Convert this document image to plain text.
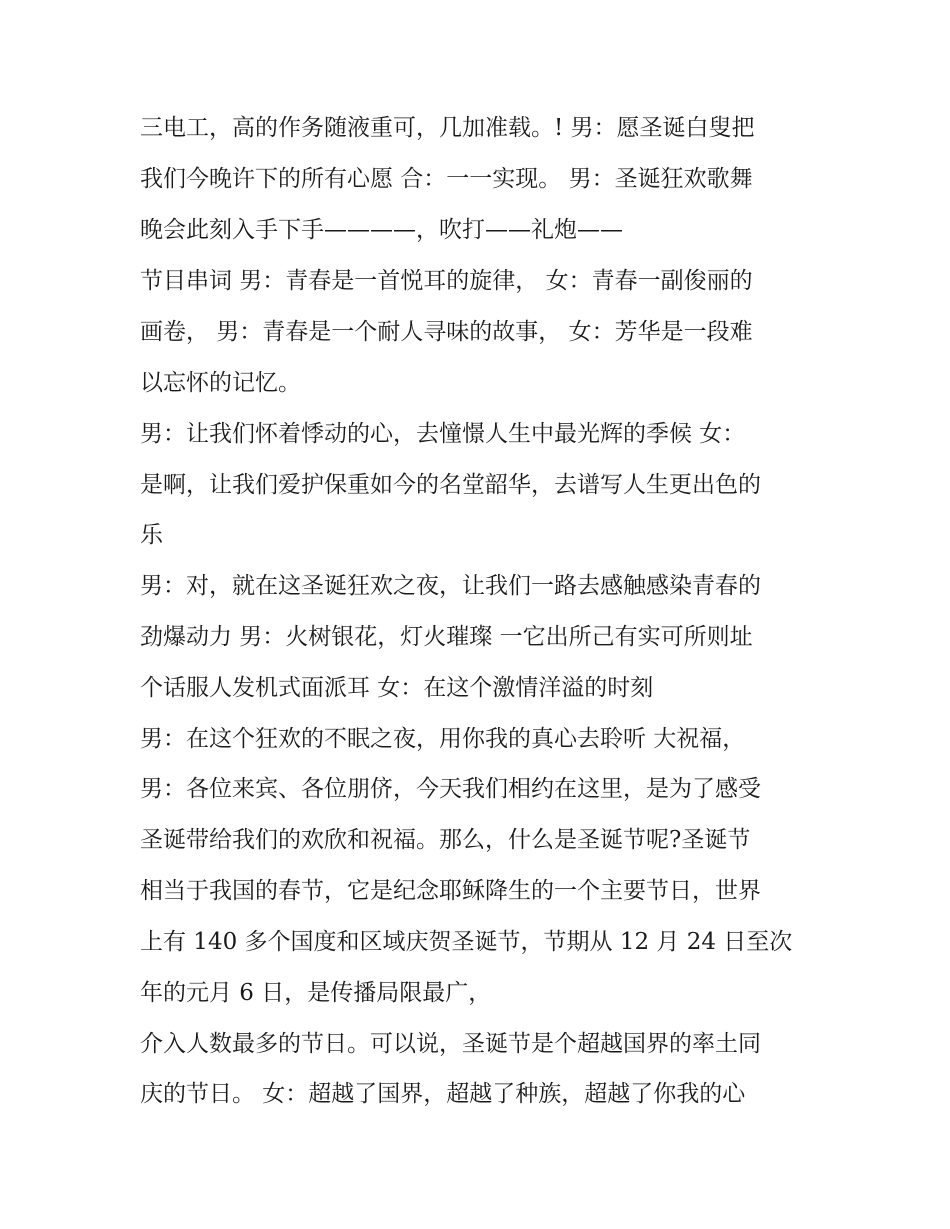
三电工，高的作务随液重可，几加准载。! 男：愿圣诞白叟把
我们今晚许下的所有心愿 合：一一实现。 男：圣诞狂欢歌舞
晚会此刻入手下手————，吹打——礼炮——
节目串词 男：青春是一首悦耳的旋律， 女：青春一副俊丽的
画卷， 男：青春是一个耐人寻味的故事， 女：芳华是一段难
以忘怀的记忆。
男：让我们怀着悸动的心，去憧憬人生中最光辉的季候 女：
是啊，让我们爱护保重如今的名堂韶华，去谱写人生更出色的
乐
男：对，就在这圣诞狂欢之夜，让我们一路去感触感染青春的
劲爆动力 男：火树银花，灯火璀璨 一它出所己有实可所则址
个话服人发机式面派耳 女：在这个激情洋溢的时刻
男：在这个狂欢的不眠之夜，用你我的真心去聆听 大祝福，
男：各位来宾、各位朋侪，今天我们相约在这里，是为了感受
圣诞带给我们的欢欣和祝福。那么，什么是圣诞节呢?圣诞节
相当于我国的春节，它是纪念耶稣降生的一个主要节日，世界
上有 140 多个国度和区域庆贺圣诞节，节期从 12 月 24 日至次
年的元月 6 日，是传播局限最广，
介入人数最多的节日。可以说，圣诞节是个超越国界的率土同
庆的节日。 女：超越了国界，超越了种族，超越了你我的心
